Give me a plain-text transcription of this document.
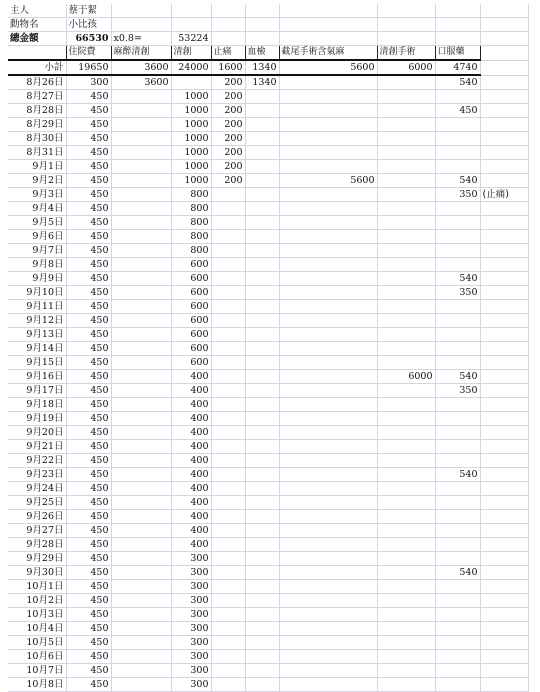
主人	蔡于絜								
動物名	小比孩								
總金額	66530	x0.8=	53224						
	住院費	麻醉清創	清創	止痛	血檢	截尾手術含氣麻	清創手術	口服藥	
小計	19650	3600	24000	1600	1340	5600	6000	4740	
8月26日	300	3600		200	1340			540	
8月27日	450		1000	200					
8月28日	450		1000	200				450	
8月29日	450		1000	200					
8月30日	450		1000	200					
8月31日	450		1000	200					
9月1日	450		1000	200					
9月2日	450		1000	200		5600		540	
9月3日	450		800					350	(止痛)
9月4日	450		800						
9月5日	450		800						
9月6日	450		800						
9月7日	450		800						
9月8日	450		600						
9月9日	450		600					540	
9月10日	450		600					350	
9月11日	450		600						
9月12日	450		600						
9月13日	450		600						
9月14日	450		600						
9月15日	450		600						
9月16日	450		400				6000	540	
9月17日	450		400					350	
9月18日	450		400						
9月19日	450		400						
9月20日	450		400						
9月21日	450		400						
9月22日	450		400						
9月23日	450		400					540	
9月24日	450		400						
9月25日	450		400						
9月26日	450		400						
9月27日	450		400						
9月28日	450		400						
9月29日	450		300						
9月30日	450		300					540	
10月1日	450		300						
10月2日	450		300						
10月3日	450		300						
10月4日	450		300						
10月5日	450		300						
10月6日	450		300						
10月7日	450		300						
10月8日	450		300						
